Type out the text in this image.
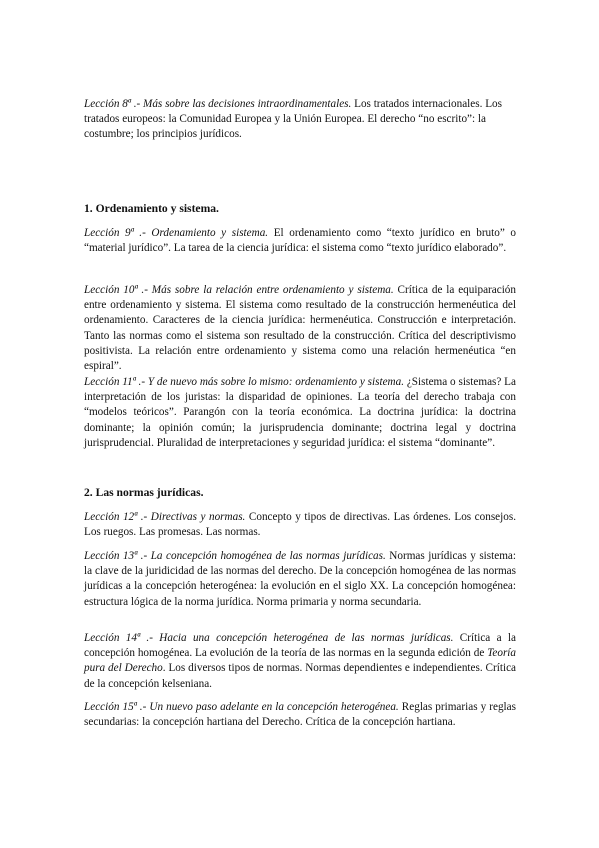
Lección 8ª .- Más sobre las decisiones intraordinamentales. Los tratados internacionales. Los tratados europeos: la Comunidad Europea y la Unión Europea. El derecho “no escrito”: la costumbre; los principios jurídicos.

1. Ordenamiento y sistema.

Lección 9ª .- Ordenamiento y sistema. El ordenamiento como “texto jurídico en bruto” o “material jurídico”. La tarea de la ciencia jurídica: el sistema como “texto jurídico elaborado”.

Lección 10ª .- Más sobre la relación entre ordenamiento y sistema. Crítica de la equiparación entre ordenamiento y sistema. El sistema como resultado de la construcción hermenéutica del ordenamiento. Caracteres de la ciencia jurídica: hermenéutica. Construcción e interpretación. Tanto las normas como el sistema son resultado de la construcción. Crítica del descriptivismo positivista. La relación entre ordenamiento y sistema como una relación hermenéutica “en espiral”.

Lección 11ª .- Y de nuevo más sobre lo mismo: ordenamiento y sistema. ¿Sistema o sistemas? La interpretación de los juristas: la disparidad de opiniones. La teoría del derecho trabaja con “modelos teóricos”. Parangón con la teoría económica. La doctrina jurídica: la doctrina dominante; la opinión común; la jurisprudencia dominante; doctrina legal y doctrina jurisprudencial. Pluralidad de interpretaciones y seguridad jurídica: el sistema “dominante”.

2. Las normas jurídicas.

Lección 12ª .- Directivas y normas. Concepto y tipos de directivas. Las órdenes. Los consejos. Los ruegos. Las promesas. Las normas.

Lección 13ª .- La concepción homogénea de las normas jurídicas. Normas jurídicas y sistema: la clave de la juridicidad de las normas del derecho. De la concepción homogénea de las normas jurídicas a la concepción heterogénea: la evolución en el siglo XX. La concepción homogénea: estructura lógica de la norma jurídica. Norma primaria y norma secundaria.

Lección 14ª .- Hacia una concepción heterogénea de las normas jurídicas. Crítica a la concepción homogénea. La evolución de la teoría de las normas en la segunda edición de Teoría pura del Derecho. Los diversos tipos de normas. Normas dependientes e independientes. Crítica de la concepción kelseniana.

Lección 15ª .- Un nuevo paso adelante en la concepción heterogénea. Reglas primarias y reglas secundarias: la concepción hartiana del Derecho. Crítica de la concepción hartiana.
